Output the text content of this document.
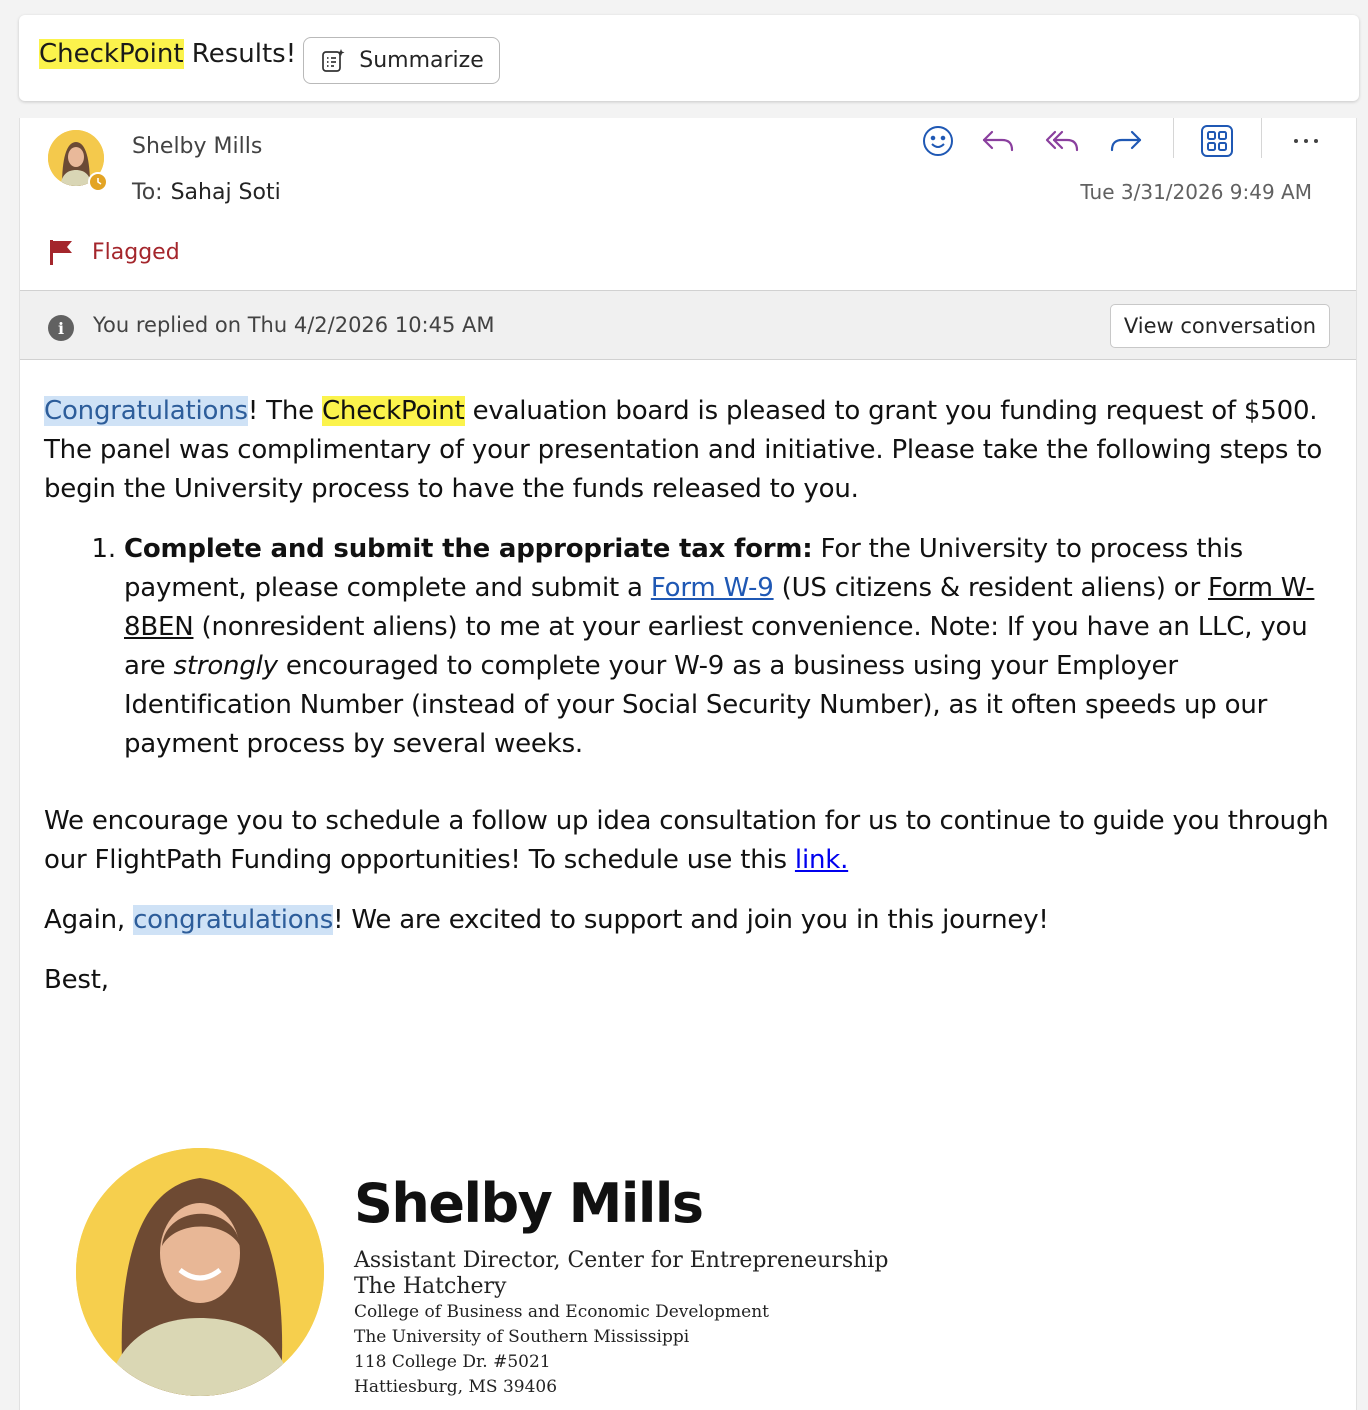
CheckPoint Results!	Summarize
Shelby Mills
To: Sahaj Soti	Tue 3/31/2026 9:49 AM
Flagged
i	You replied on Thu 4/2/2026 10:45 AM	View conversation

Congratulations! The CheckPoint evaluation board is pleased to grant you funding request of $500. The panel was complimentary of your presentation and initiative. Please take the following steps to begin the University process to have the funds released to you.

1. Complete and submit the appropriate tax form: For the University to process this payment, please complete and submit a Form W-9 (US citizens & resident aliens) or Form W-8BEN (nonresident aliens) to me at your earliest convenience. Note: If you have an LLC, you are strongly encouraged to complete your W-9 as a business using your Employer Identification Number (instead of your Social Security Number), as it often speeds up our payment process by several weeks.

We encourage you to schedule a follow up idea consultation for us to continue to guide you through our FlightPath Funding opportunities! To schedule use this link.

Again, congratulations! We are excited to support and join you in this journey!

Best,

Shelby Mills
Assistant Director, Center for Entrepreneurship
The Hatchery
College of Business and Economic Development
The University of Southern Mississippi
118 College Dr. #5021
Hattiesburg, MS 39406
